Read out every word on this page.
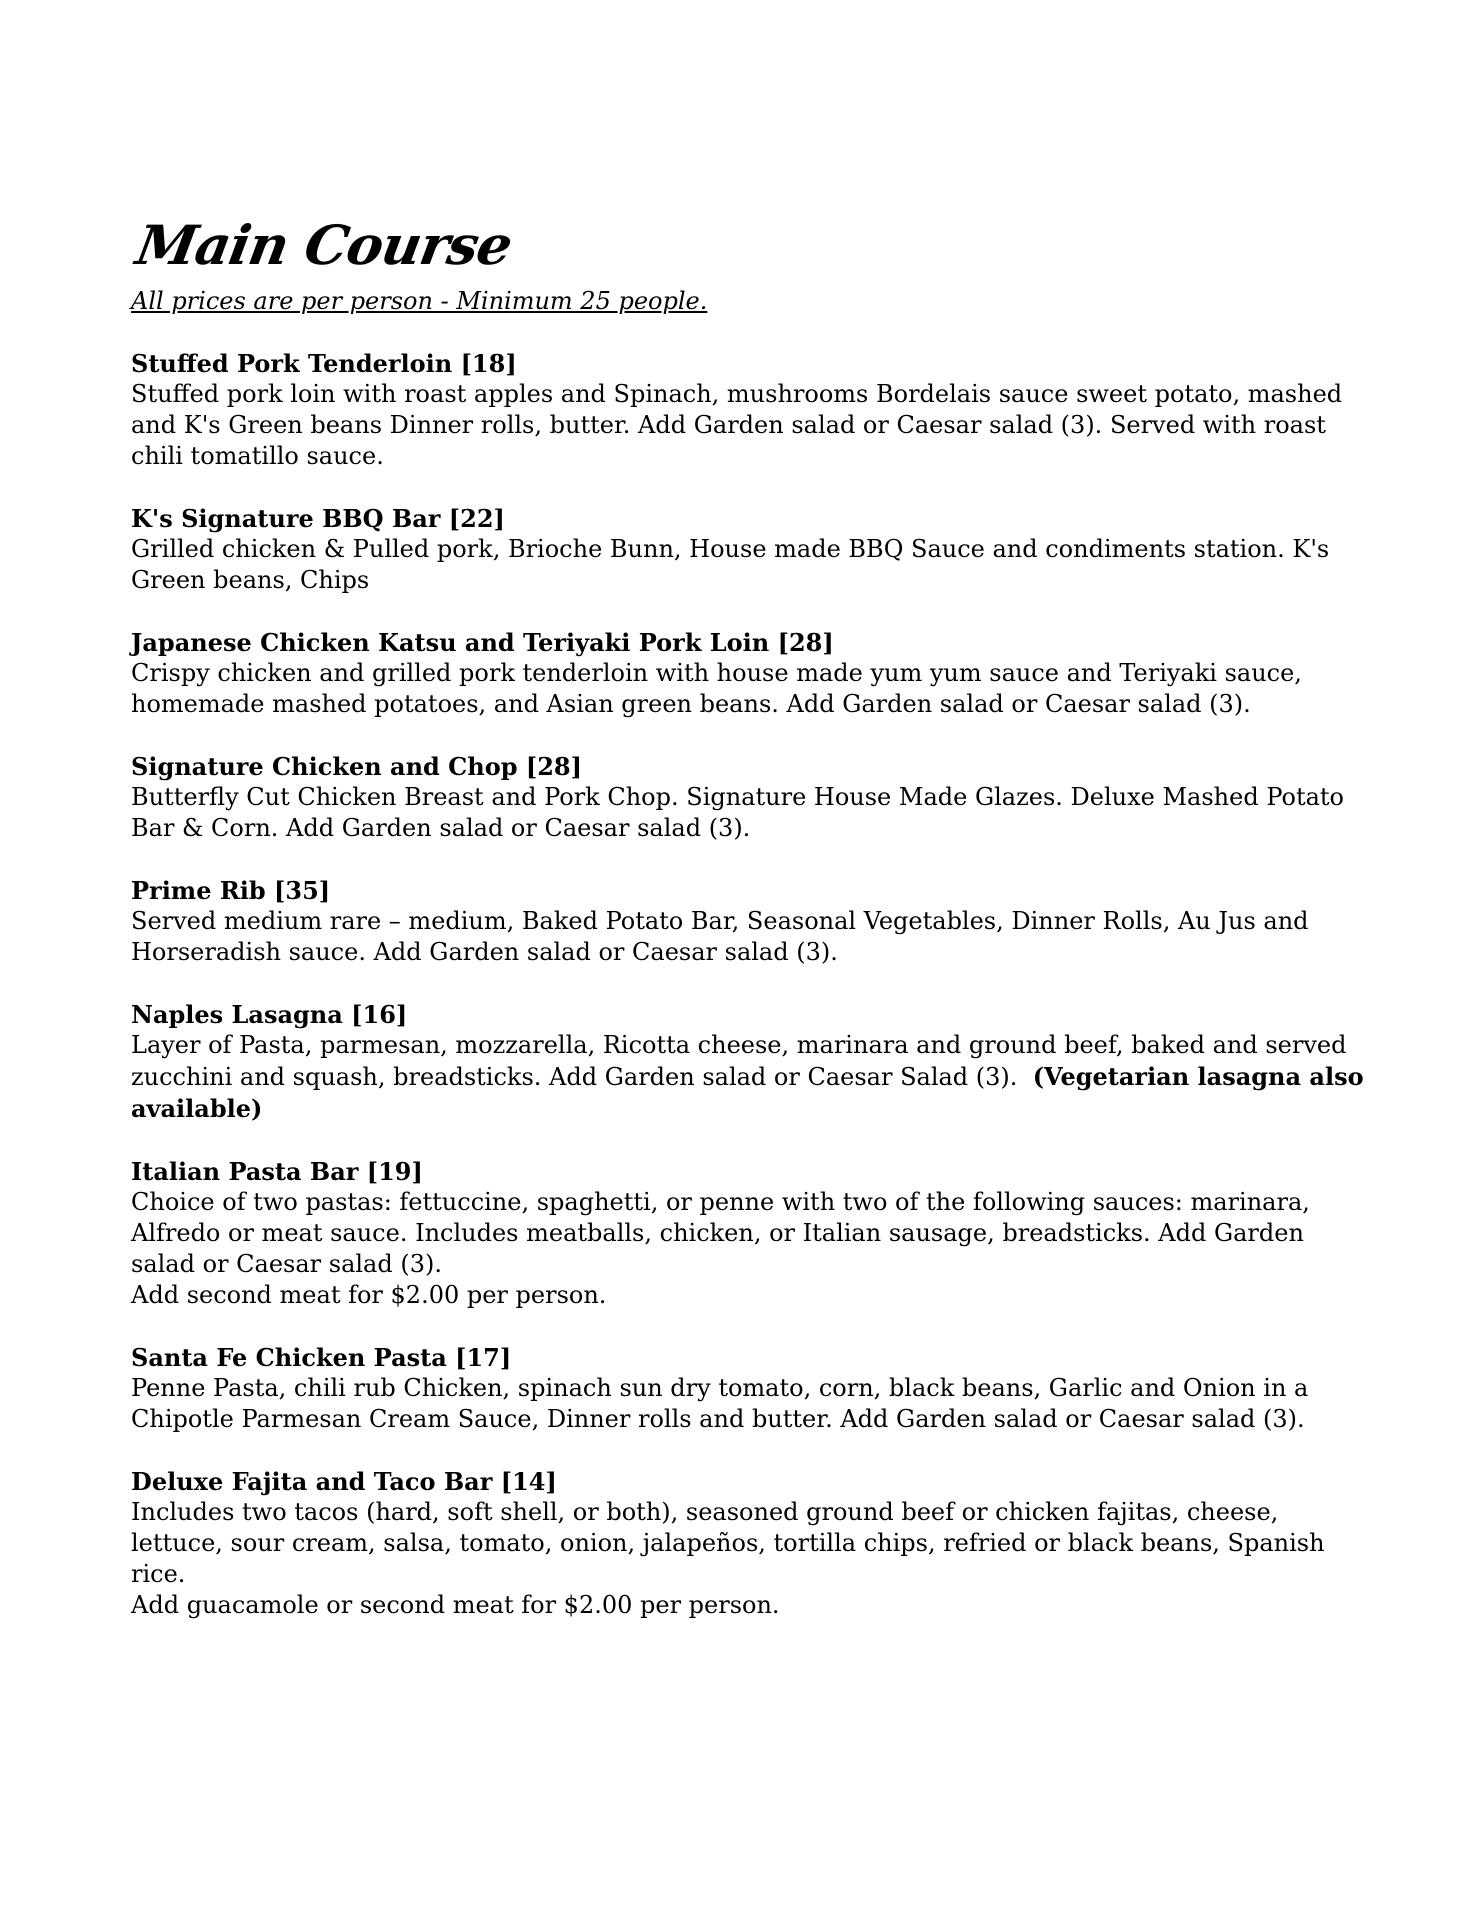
Main Course
All prices are per person - Minimum 25 people.
Stuffed Pork Tenderloin [18]
Stuffed pork loin with roast apples and Spinach, mushrooms Bordelais sauce sweet potato, mashed and K's Green beans Dinner rolls, butter. Add Garden salad or Caesar salad (3). Served with roast chili tomatillo sauce.
K's Signature BBQ Bar [22]
Grilled chicken & Pulled pork, Brioche Bunn, House made BBQ Sauce and condiments station. K's Green beans, Chips
Japanese Chicken Katsu and Teriyaki Pork Loin [28]
Crispy chicken and grilled pork tenderloin with house made yum yum sauce and Teriyaki sauce, homemade mashed potatoes, and Asian green beans. Add Garden salad or Caesar salad (3).
Signature Chicken and Chop [28]
Butterfly Cut Chicken Breast and Pork Chop. Signature House Made Glazes. Deluxe Mashed Potato Bar & Corn. Add Garden salad or Caesar salad (3).
Prime Rib [35]
Served medium rare – medium, Baked Potato Bar, Seasonal Vegetables, Dinner Rolls, Au Jus and Horseradish sauce. Add Garden salad or Caesar salad (3).
Naples Lasagna [16]
Layer of Pasta, parmesan, mozzarella, Ricotta cheese, marinara and ground beef, baked and served zucchini and squash, breadsticks. Add Garden salad or Caesar Salad (3). (Vegetarian lasagna also available)
Italian Pasta Bar [19]
Choice of two pastas: fettuccine, spaghetti, or penne with two of the following sauces: marinara, Alfredo or meat sauce. Includes meatballs, chicken, or Italian sausage, breadsticks. Add Garden salad or Caesar salad (3).
Add second meat for $2.00 per person.
Santa Fe Chicken Pasta [17]
Penne Pasta, chili rub Chicken, spinach sun dry tomato, corn, black beans, Garlic and Onion in a Chipotle Parmesan Cream Sauce, Dinner rolls and butter. Add Garden salad or Caesar salad (3).
Deluxe Fajita and Taco Bar [14]
Includes two tacos (hard, soft shell, or both), seasoned ground beef or chicken fajitas, cheese, lettuce, sour cream, salsa, tomato, onion, jalapeños, tortilla chips, refried or black beans, Spanish rice.
Add guacamole or second meat for $2.00 per person.
